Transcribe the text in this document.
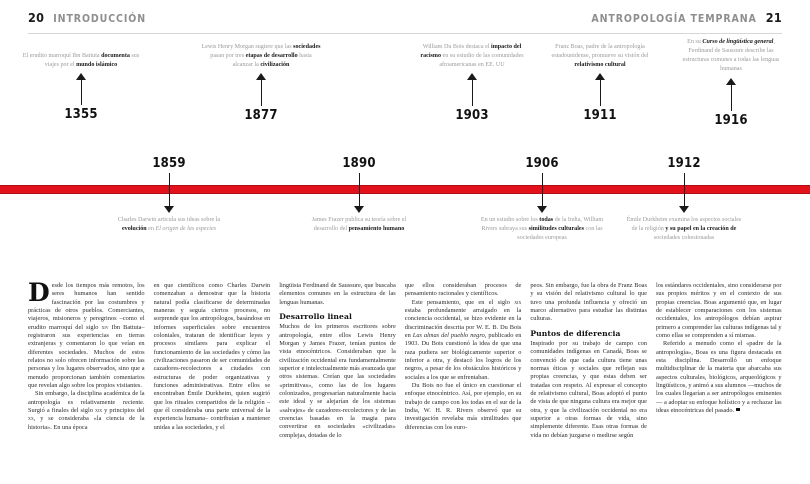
20 INTRODUCCIÓN	ANTROPOLOGÍA TEMPRANA 21
El erudito marroquí Ibn Battuta documenta sus viajes por el mundo islámico
1355
Lewis Henry Morgan sugiere que las sociedades pasan por tres etapas de desarrollo hasta alcanzar la civilización
1877
William Du Bois destaca el impacto del racismo en su estudio de las comunidades afroamericanas en EE. UU
1903
Franz Boas, padre de la antropología estadounidense, promueve su visión del relativismo cultural
1911
En su Curso de lingüística general, Ferdinand de Saussure describe las estructuras comunes a todas las lenguas humanas
1916
1859
Charles Darwin articula sus ideas sobre la evolución en El origen de las especies
1890
James Frazer publica su teoría sobre el desarrollo del pensamiento humano
1906
En un estudio sobre los todas de la India, William Rivers subraya sus similitudes culturales con las sociedades europeas
1912
Émile Durkheim examina los aspectos sociales de la religión y su papel en la creación de sociedades cohesionadas

Desde los tiempos más remotos, los seres humanos han sentido fascinación por las costumbres y prácticas de otros pueblos. Comerciantes, viajeros, misioneros y peregrinos –como el erudito marroquí del siglo xiv Ibn Battuta– registraron sus experiencias en tierras extranjeras y comentaron lo que veían en diferentes sociedades. Muchos de estos relatos no solo ofrecen información sobre las personas y los lugares observados, sino que a menudo proporcionan también comentarios que revelan algo sobre los propios visitantes.

Sin embargo, la disciplina académica de la antropología es relativamente reciente. Surgió a finales del siglo xix y principios del xx, y se consideraba «la ciencia de la historia». En una época

en que científicos como Charles Darwin comenzaban a demostrar que la historia natural podía clasificarse de determinadas maneras y seguía ciertos procesos, no sorprende que los antropólogos, basándose en informes superficiales sobre encuentros coloniales, trataran de identificar leyes y procesos similares para explicar el funcionamiento de las sociedades y cómo las civilizaciones pasaron de ser comunidades de cazadores-recolectores a ciudades con estructuras de poder organizativas y funciones administrativas. Entre ellos se encontraban Émile Durkheim, quien sugirió que los rituales compartidos de la religión –que él consideraba una parte universal de la experiencia humana– contribuían a mantener unidas a las sociedades, y el

lingüista Ferdinand de Saussure, que buscaba elementos comunes en la estructura de las lenguas humanas.

Desarrollo lineal

Muchos de los primeros escritores sobre antropología, entre ellos Lewis Henry Morgan y James Frazer, tenían puntos de vista etnocéntricos. Consideraban que la civilización occidental era fundamentalmente superior e intelectualmente más avanzada que otros sistemas. Creían que las sociedades «primitivas», como las de los lugares colonizados, progresarían naturalmente hacia este ideal y se alejarían de los sistemas «salvajes» de cazadores-recolectores y de las creencias basadas en la magia para convertirse en sociedades «civilizadas» complejas, dotadas de lo

que ellos consideraban procesos de pensamiento racionales y científicos.

Este pensamiento, que en el siglo xix estaba profundamente arraigado en la conciencia occidental, se hizo evidente en la discriminación descrita por W. E. B. Du Bois en Las almas del pueblo negro, publicado en 1903. Du Bois cuestionó la idea de que una raza pudiera ser biológicamente superior o inferior a otra, y destacó los logros de los negros, a pesar de los obstáculos históricos y sociales a los que se enfrentaban.

Du Bois no fue el único en cuestionar el enfoque etnocéntrico. Así, por ejemplo, en su trabajo de campo con los todas en el sur de la India, W. H. R. Rivers observó que su investigación revelaba más similitudes que diferencias con los euro-

peos. Sin embargo, fue la obra de Franz Boas y su visión del relativismo cultural lo que tuvo una profunda influencia y ofreció un marco alternativo para estudiar las distintas culturas.

Puntos de diferencia

Inspirado por su trabajo de campo con comunidades indígenas en Canadá, Boas se convenció de que cada cultura tiene unas normas éticas y sociales que reflejan sus propias creencias, y que estas deben ser tratadas con respeto. Al expresar el concepto de relativismo cultural, Boas adoptó el punto de vista de que ninguna cultura era mejor que otra, y que la civilización occidental no era superior a otras formas de vida, sino simplemente diferente. Esas otras formas de vida no debían juzgarse o medirse según

los estándares occidentales, sino considerarse por sus propios méritos y en el contexto de sus propias creencias. Boas argumentó que, en lugar de establecer comparaciones con los sistemas occidentales, los antropólogos debían aspirar primero a comprender las culturas indígenas tal y como ellas se comprenden a sí mismas.

Referido a menudo como el «padre de la antropología», Boas es una figura destacada en esta disciplina. Desarrolló un enfoque multidisciplinar de la materia que abarcaba sus aspectos culturales, biológicos, arqueológicos y lingüísticos, y animó a sus alumnos —muchos de los cuales llegarían a ser antropólogos eminentes— a adoptar su enfoque holístico y a rechazar las ideas etnocéntricas del pasado.
